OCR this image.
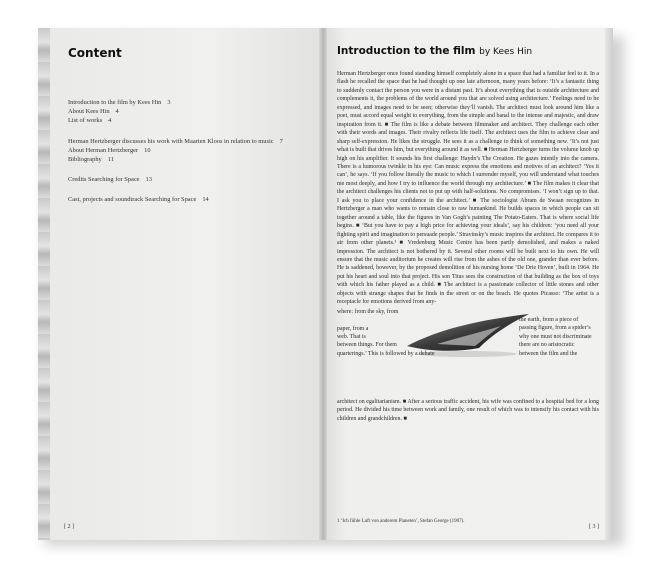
Content
Introduction to the film by Kees Hin 3
About Kees Hin 4
List of works 4
Herman Hertzberger discusses his work with Maarten Kloos in relation to music 7
About Herman Hertzberger 10
Bibliography 11
Credits Searching for Space 13
Cast, projects and soundtrack Searching for Space 14
[ 2 ]
Introduction to the film by Kees Hin

Herman Hertzberger once found standing himself completely alone in a space that had a familiar feel to it. In a flash he recalled the space that he had thought up one late afternoon, many years before: ‘It’s a fantastic thing to suddenly contact the person you were in a distant past. It’s about everything that is outside architecture and complements it, the problems of the world around you that are solved using architecture.’ Feelings need to be expressed, and images need to be seen; otherwise they’ll vanish. The architect must look around him like a poet, must accord equal weight to everything, from the simple and banal to the intense and majestic, and draw inspiration from it. ■ The film is like a debate between filmmaker and architect. They challenge each other with their words and images. Their rivalry reflects life itself. The architect uses the film to achieve clear and sharp self-expression. He likes the struggle. He sees it as a challenge to think of something new. ‘It’s not just what is built that drives him, but everything around it as well. ■ Herman Hertzberger turns the volume knob up high on his amplifier. It sounds his first challenge: Haydn’s The Creation. He gazes intently into the camera. There is a humorous twinkle in his eye: Can music express the emotions and motives of an architect? ‘Yes it can’, he says. ‘If you follow literally the music to which I surrender myself, you will understand what touches me most deeply, and how I try to influence the world through my architecture.’ ■ The film makes it clear that the architect challenges his clients not to put up with half-solutions. No compromises. ‘I won’t sign up to that. I ask you to place your confidence in the architect.’ ■ The sociologist Abram de Swaan recognizes in Hertzberger a man who wants to remain close to raw humankind. He builds spaces in which people can sit together around a table, like the figures in Van Gogh’s painting The Potato-Eaters. That is where social life begins. ■ ‘But you have to pay a high price for achieving your ideals’, say his children: ‘you need all your fighting spirit and imagination to persuade people.’ Stravinsky’s music inspires the architect. He compares it to air from other planets.¹ ■ Vredenburg Music Centre has been partly demolished, and makes a naked impression. The architect is not bothered by it. Several other rooms will be built next to his own. He will ensure that the music auditorium he creates will rise from the ashes of the old one, grander than ever before. He is saddened, however, by the proposed demolition of his nursing home ‘De Drie Hoven’, built in 1964. He put his heart and soul into that project. His son Titus sees the construction of that building as the box of toys with which his father played as a child. ■ The architect is a passionate collector of little stones and other objects with strange shapes that he finds in the street or on the beach. He quotes Picasso: ‘The artist is a receptacle for emotions derived from any-

where: from the sky, from
paper, from a
web. That is
between things. For them
quarterings.’ This is followed by a debate
the earth, from a piece of
passing figure, from a spider’s
why one must not discriminate
there are no aristocratic
between the film and the

architect on egalitarianism. ■ After a serious traffic accident, his wife was confined to a hospital bed for a long period. He divided his time between work and family, one result of which was to intensify his contact with his children and grandchildren. ■

1 ‘Ich fühle Luft von anderem Planeten’, Stefan George (1907).
[ 3 ]
